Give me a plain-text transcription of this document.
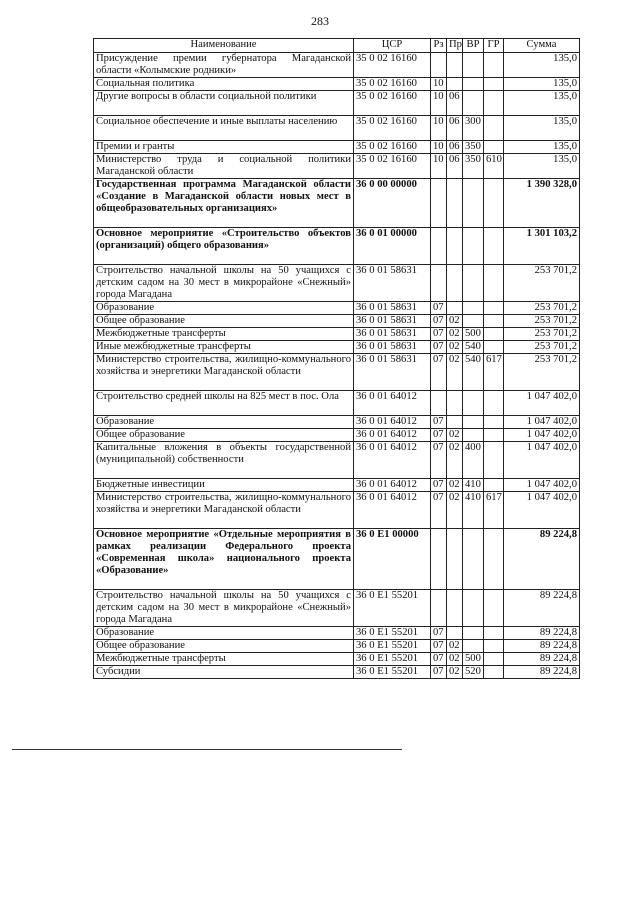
283
Наименование	ЦСР	Рз	Пр	ВР	ГР	Сумма
Присуждение премии губернатора Магаданской области «Колымские родники»	35 0 02 16160					135,0
Социальная политика	35 0 02 16160	10				135,0
Другие вопросы в области социальной политики	35 0 02 16160	10	06			135,0
Социальное обеспечение и иные выплаты населению	35 0 02 16160	10	06	300		135,0
Премии и гранты	35 0 02 16160	10	06	350		135,0
Министерство труда и социальной политики Магаданской области	35 0 02 16160	10	06	350	610	135,0
Государственная программа Магаданской области «Создание в Магаданской области новых мест в общеобразовательных организациях»	36 0 00 00000					1 390 328,0
Основное мероприятие «Строительство объектов (организаций) общего образования»	36 0 01 00000					1 301 103,2
Строительство начальной школы на 50 учащихся с детским садом на 30 мест в микрорайоне «Снежный» города Магадана	36 0 01 58631					253 701,2
Образование	36 0 01 58631	07				253 701,2
Общее образование	36 0 01 58631	07	02			253 701,2
Межбюджетные трансферты	36 0 01 58631	07	02	500		253 701,2
Иные межбюджетные трансферты	36 0 01 58631	07	02	540		253 701,2
Министерство строительства, жилищно-коммунального хозяйства и энергетики Магаданской области	36 0 01 58631	07	02	540	617	253 701,2
Строительство средней школы на 825 мест в пос. Ола	36 0 01 64012					1 047 402,0
Образование	36 0 01 64012	07				1 047 402,0
Общее образование	36 0 01 64012	07	02			1 047 402,0
Капитальные вложения в объекты государственной (муниципальной) собственности	36 0 01 64012	07	02	400		1 047 402,0
Бюджетные инвестиции	36 0 01 64012	07	02	410		1 047 402,0
Министерство строительства, жилищно-коммунального хозяйства и энергетики Магаданской области	36 0 01 64012	07	02	410	617	1 047 402,0
Основное мероприятие «Отдельные мероприятия в рамках реализации Федерального проекта «Современная школа» национального проекта «Образование»	36 0 E1 00000					89 224,8
Строительство начальной школы на 50 учащихся с детским садом на 30 мест в микрорайоне «Снежный» города Магадана	36 0 E1 55201					89 224,8
Образование	36 0 E1 55201	07				89 224,8
Общее образование	36 0 E1 55201	07	02			89 224,8
Межбюджетные трансферты	36 0 E1 55201	07	02	500		89 224,8
Субсидии	36 0 E1 55201	07	02	520		89 224,8
